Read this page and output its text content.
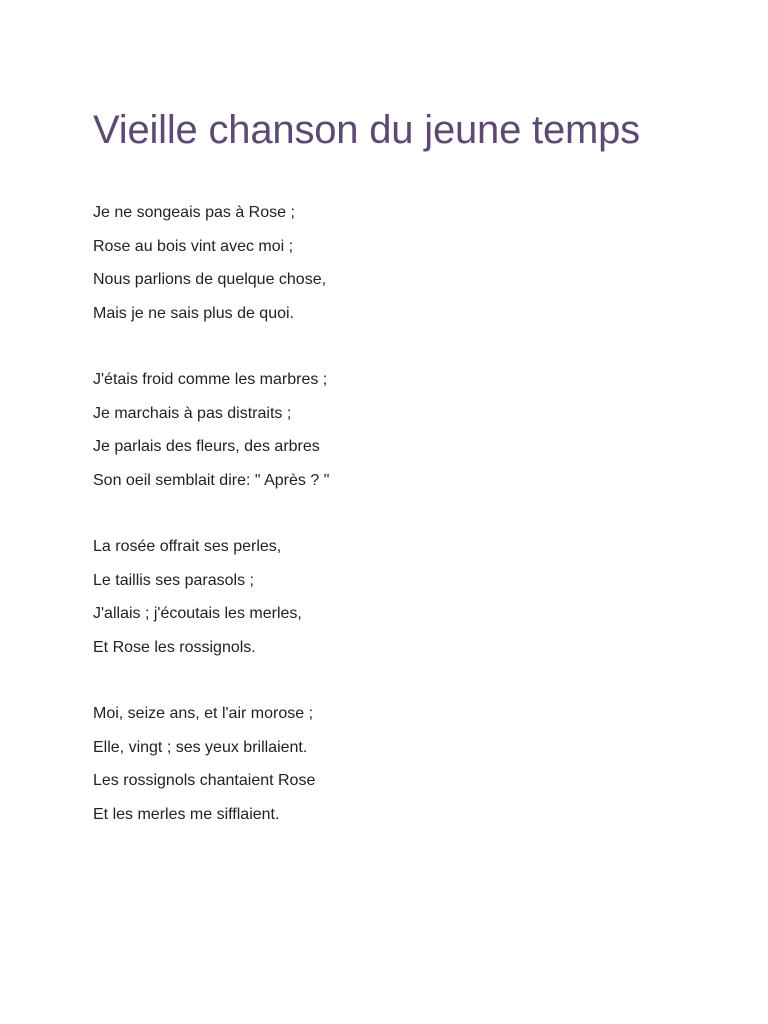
Vieille chanson du jeune temps
Je ne songeais pas à Rose ;
Rose au bois vint avec moi ;
Nous parlions de quelque chose,
Mais je ne sais plus de quoi.
J'étais froid comme les marbres ;
Je marchais à pas distraits ;
Je parlais des fleurs, des arbres
Son oeil semblait dire: " Après ? "
La rosée offrait ses perles,
Le taillis ses parasols ;
J'allais ; j'écoutais les merles,
Et Rose les rossignols.
Moi, seize ans, et l'air morose ;
Elle, vingt ; ses yeux brillaient.
Les rossignols chantaient Rose
Et les merles me sifflaient.
